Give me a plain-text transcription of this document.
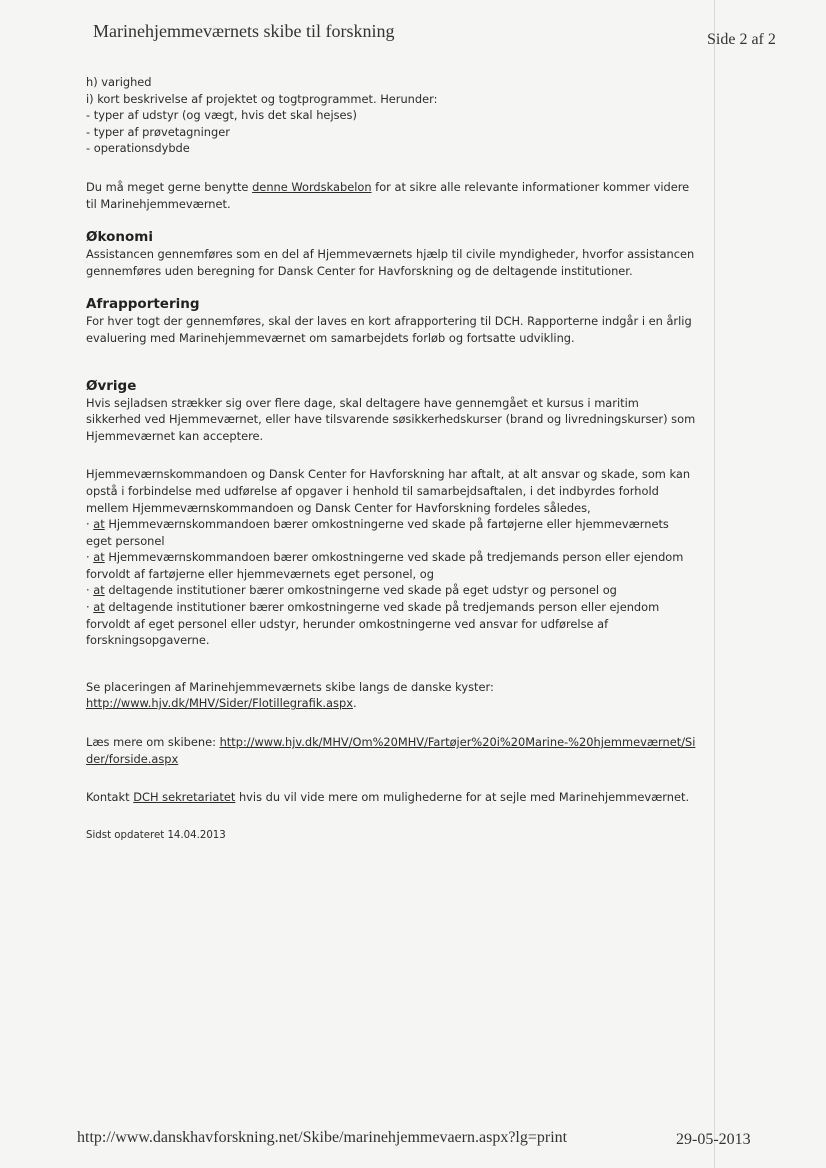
Marinehjemmeværnets skibe til forskning	Side 2 af 2
h) varighed
i) kort beskrivelse af projektet og togtprogrammet. Herunder:
- typer af udstyr (og vægt, hvis det skal hejses)
- typer af prøvetagninger
- operationsdybde

Du må meget gerne benytte denne Wordskabelon for at sikre alle relevante informationer kommer videre til Marinehjemmeværnet.

Økonomi

Assistancen gennemføres som en del af Hjemmeværnets hjælp til civile myndigheder, hvorfor assistancen gennemføres uden beregning for Dansk Center for Havforskning og de deltagende institutioner.

Afrapportering

For hver togt der gennemføres, skal der laves en kort afrapportering til DCH. Rapporterne indgår i en årlig evaluering med Marinehjemmeværnet om samarbejdets forløb og fortsatte udvikling.

Øvrige

Hvis sejladsen strækker sig over flere dage, skal deltagere have gennemgået et kursus i maritim sikkerhed ved Hjemmeværnet, eller have tilsvarende søsikkerhedskurser (brand og livredningskurser) som Hjemmeværnet kan acceptere.

Hjemmeværnskommandoen og Dansk Center for Havforskning har aftalt, at alt ansvar og skade, som kan opstå i forbindelse med udførelse af opgaver i henhold til samarbejdsaftalen, i det indbyrdes forhold mellem Hjemmeværnskommandoen og Dansk Center for Havforskning fordeles således,

· at Hjemmeværnskommandoen bærer omkostningerne ved skade på fartøjerne eller hjemmeværnets eget personel

· at Hjemmeværnskommandoen bærer omkostningerne ved skade på tredjemands person eller ejendom forvoldt af fartøjerne eller hjemmeværnets eget personel, og

· at deltagende institutioner bærer omkostningerne ved skade på eget udstyr og personel og

· at deltagende institutioner bærer omkostningerne ved skade på tredjemands person eller ejendom forvoldt af eget personel eller udstyr, herunder omkostningerne ved ansvar for udførelse af forskningsopgaverne.

Se placeringen af Marinehjemmeværnets skibe langs de danske kyster:
http://www.hjv.dk/MHV/Sider/Flotillegrafik.aspx.

Læs mere om skibene: http://www.hjv.dk/MHV/Om%20MHV/Fartøjer%20i%20Marine-%20hjemmeværnet/Sider/forside.aspx

Kontakt DCH sekretariatet hvis du vil vide mere om mulighederne for at sejle med Marinehjemmeværnet.

Sidst opdateret 14.04.2013

http://www.danskhavforskning.net/Skibe/marinehjemmevaern.aspx?lg=print	29-05-2013
